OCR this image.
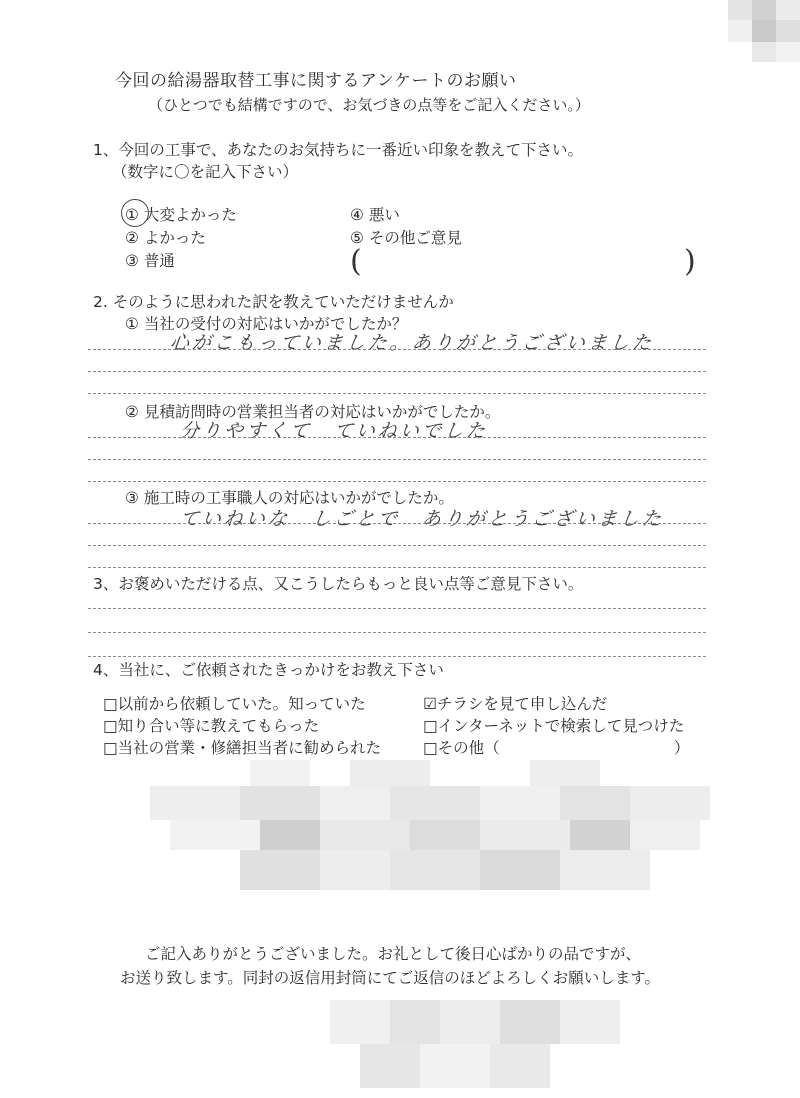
今回の給湯器取替工事に関するアンケートのお願い
（ひとつでも結構ですので、お気づきの点等をご記入ください。）
1、今回の工事で、あなたのお気持ちに一番近い印象を教えて下さい。
（数字に〇を記入下さい）
① 大変よかった
② よかった
③ 普通
④ 悪い
⑤ その他ご意見
(	)
2. そのように思われた訳を教えていただけませんか
① 当社の受付の対応はいかがでしたか？
心がこもっていました。ありがとうございました
② 見積訪問時の営業担当者の対応はいかがでしたか。
分りやすくて　ていねいでした
③ 施工時の工事職人の対応はいかがでしたか。
ていねいな　しごとで　ありがとうございました
3、お褒めいただける点、又こうしたらもっと良い点等ご意見下さい。
4、当社に、ご依頼されたきっかけをお教え下さい
□以前から依頼していた。知っていた
□知り合い等に教えてもらった
□当社の営業・修繕担当者に勧められた
☑チラシを見て申し込んだ
□インターネットで検索して見つけた
□その他（	）
ご記入ありがとうございました。お礼として後日心ばかりの品ですが、
お送り致します。同封の返信用封筒にてご返信のほどよろしくお願いします。
